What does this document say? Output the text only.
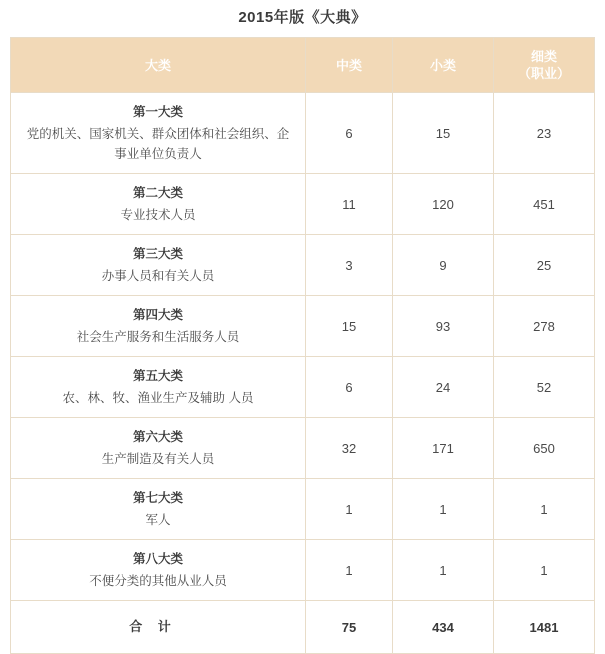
2015年版《大典》
大类	中类	小类	细类
（职业）

第一大类
党的机关、国家机关、群众团体和社会组织、企事业单位负责人	6	15	23

第二大类
专业技术人员	11	120	451

第三大类
办事人员和有关人员	3	9	25

第四大类
社会生产服务和生活服务人员	15	93	278

第五大类
农、林、牧、渔业生产及辅助 人员	6	24	52

第六大类
生产制造及有关人员	32	171	650

第七大类
军人	1	1	1

第八大类
不便分类的其他从业人员	1	1	1
合 计	75	434	1481
